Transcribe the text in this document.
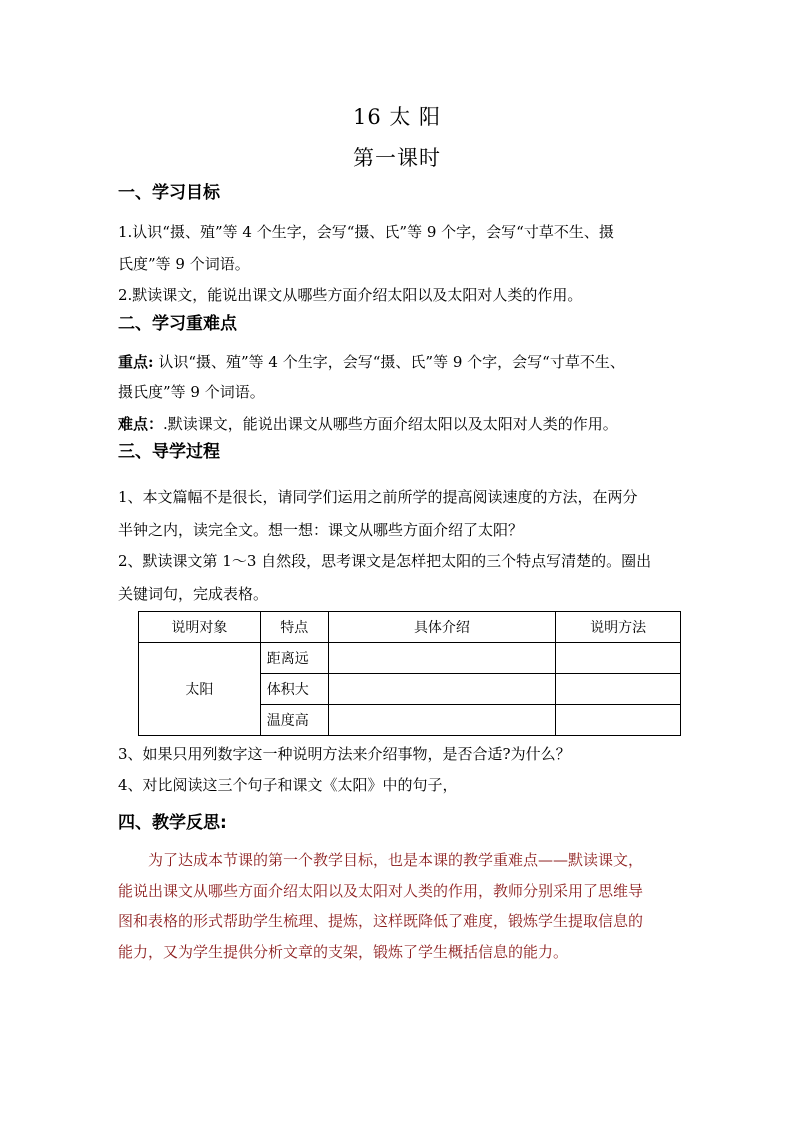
16 太 阳
第一课时
一、学习目标
1.认识“摄、殖”等 4 个生字，会写“摄、氏”等 9 个字，会写“寸草不生、摄
氏度”等 9 个词语。
2.默读课文，能说出课文从哪些方面介绍太阳以及太阳对人类的作用。
二、学习重难点
重点: 认识“摄、殖”等 4 个生字，会写“摄、氏”等 9 个字，会写“寸草不生、
摄氏度”等 9 个词语。
难点：.默读课文，能说出课文从哪些方面介绍太阳以及太阳对人类的作用。
三、导学过程
1、本文篇幅不是很长，请同学们运用之前所学的提高阅读速度的方法，在两分
半钟之内，读完全文。想一想：课文从哪些方面介绍了太阳？
2、默读课文第 1～3 自然段，思考课文是怎样把太阳的三个特点写清楚的。圈出
关键词句，完成表格。
说明对象	特点	具体介绍	说明方法
太阳	距离远		
	体积大		
	温度高		
3、如果只用列数字这一种说明方法来介绍事物，是否合适?为什么？
4、对比阅读这三个句子和课文《太阳》中的句子，
四、教学反思:
为了达成本节课的第一个教学目标，也是本课的教学重难点——默读课文，
能说出课文从哪些方面介绍太阳以及太阳对人类的作用，教师分别采用了思维导
图和表格的形式帮助学生梳理、提炼，这样既降低了难度，锻炼学生提取信息的
能力，又为学生提供分析文章的支架，锻炼了学生概括信息的能力。
